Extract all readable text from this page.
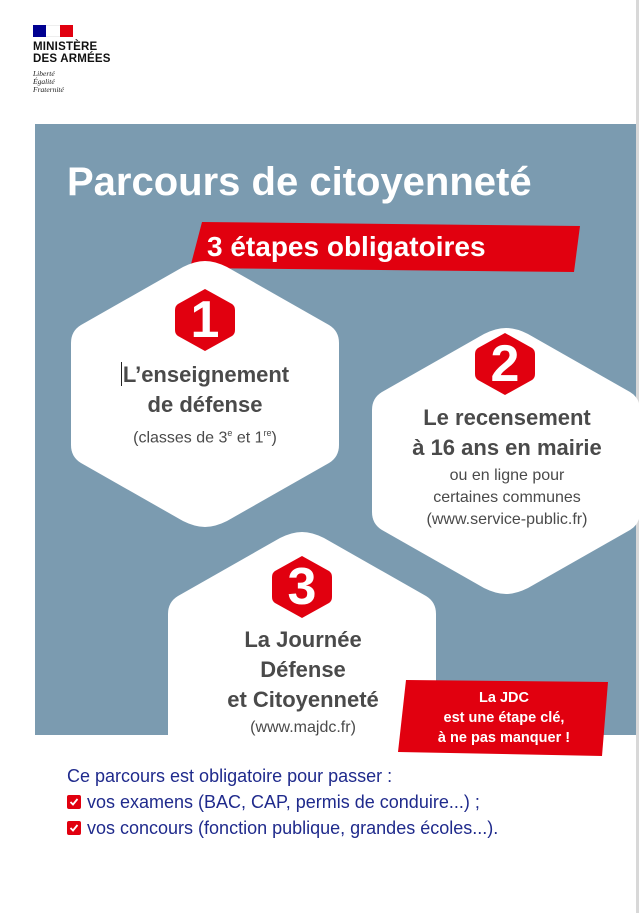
MINISTÈRE
DES ARMÉES
Liberté
Égalité
Fraternité
Parcours de citoyenneté
3 étapes obligatoires
1
2
3
L’enseignement
de défense
(classes de 3e et 1re)
Le recensement
à 16 ans en mairie
ou en ligne pour
certaines communes
(www.service-public.fr)
La Journée
Défense
et Citoyenneté
(www.majdc.fr)
La JDC
est une étape clé,
à ne pas manquer !
Ce parcours est obligatoire pour passer :
vos examens (BAC, CAP, permis de conduire...) ;
vos concours (fonction publique, grandes écoles...).
